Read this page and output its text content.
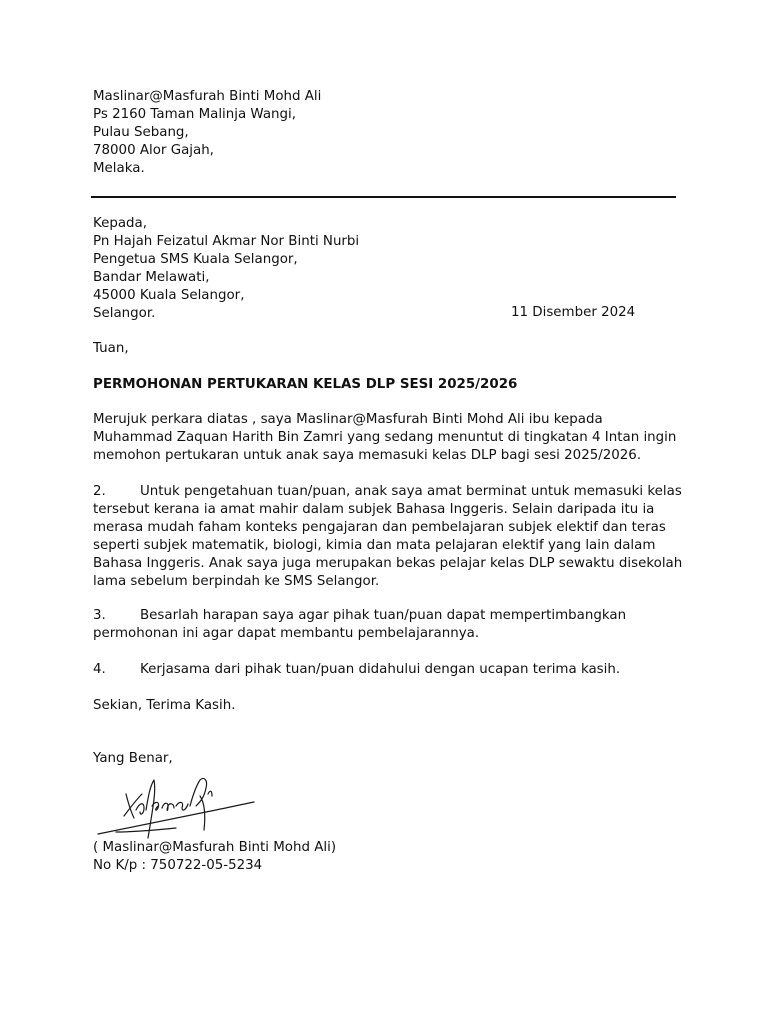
Maslinar@Masfurah Binti Mohd Ali
Ps 2160 Taman Malinja Wangi,
Pulau Sebang,
78000 Alor Gajah,
Melaka.
Kepada,
Pn Hajah Feizatul Akmar Nor Binti Nurbi
Pengetua SMS Kuala Selangor,
Bandar Melawati,
45000 Kuala Selangor,
Selangor.	11 Disember 2024
Tuan,
PERMOHONAN PERTUKARAN KELAS DLP SESI 2025/2026
Merujuk perkara diatas , saya Maslinar@Masfurah Binti Mohd Ali ibu kepada
Muhammad Zaquan Harith Bin Zamri yang sedang menuntut di tingkatan 4 Intan ingin
memohon pertukaran untuk anak saya memasuki kelas DLP bagi sesi 2025/2026.
2.	Untuk pengetahuan tuan/puan, anak saya amat berminat untuk memasuki kelas
tersebut kerana ia amat mahir dalam subjek Bahasa Inggeris. Selain daripada itu ia
merasa mudah faham konteks pengajaran dan pembelajaran subjek elektif dan teras
seperti subjek matematik, biologi, kimia dan mata pelajaran elektif yang lain dalam
Bahasa Inggeris. Anak saya juga merupakan bekas pelajar kelas DLP sewaktu disekolah
lama sebelum berpindah ke SMS Selangor.
3.	Besarlah harapan saya agar pihak tuan/puan dapat mempertimbangkan
permohonan ini agar dapat membantu pembelajarannya.
4.	Kerjasama dari pihak tuan/puan didahului dengan ucapan terima kasih.
Sekian, Terima Kasih.
Yang Benar,
( Maslinar@Masfurah Binti Mohd Ali)
No K/p : 750722-05-5234
